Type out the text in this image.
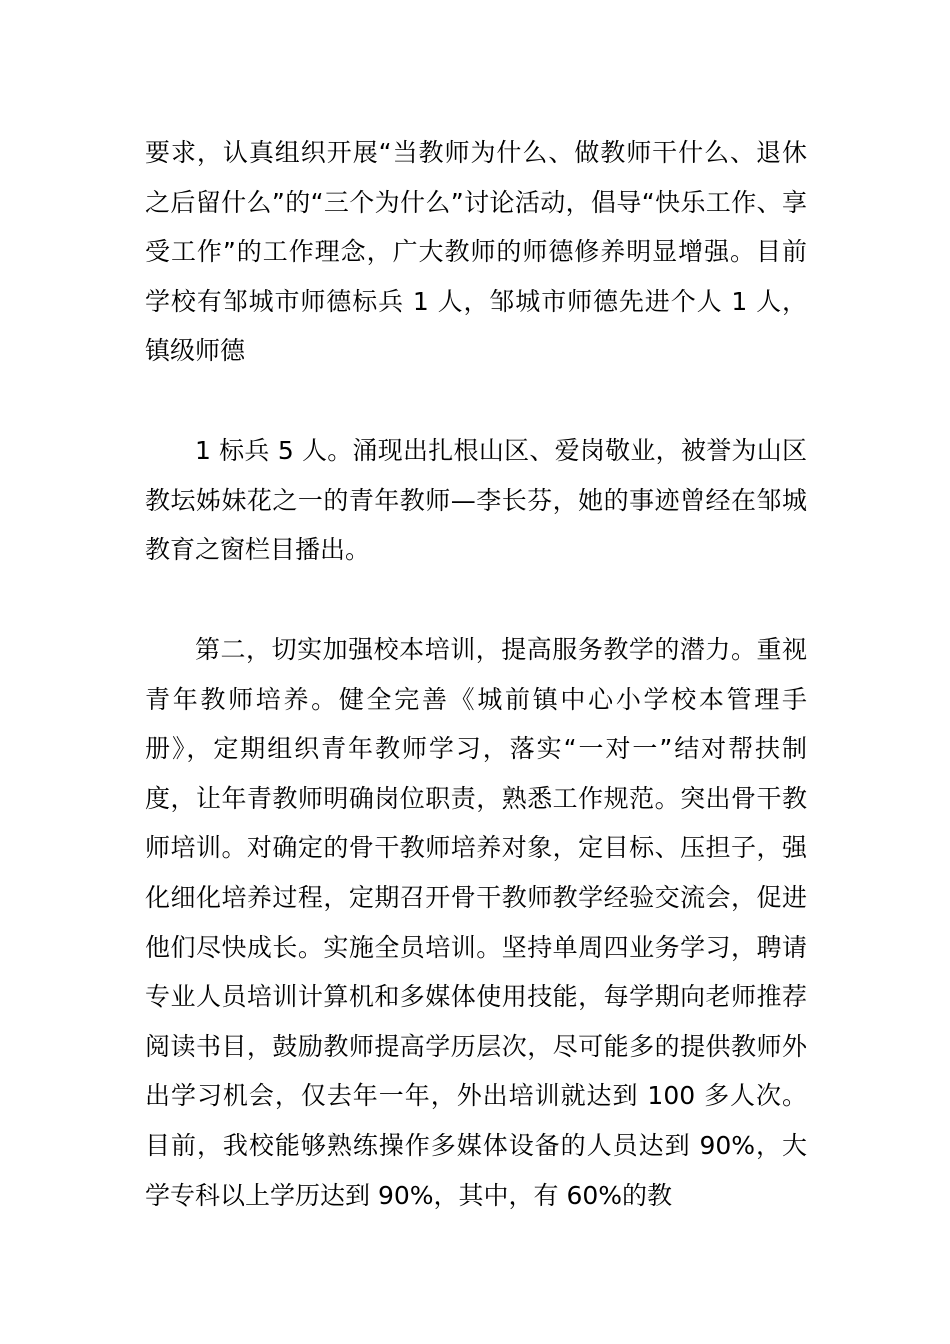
要求，认真组织开展“当教师为什么、做教师干什么、退休之后留什么”的“三个为什么”讨论活动，倡导“快乐工作、享受工作”的工作理念，广大教师的师德修养明显增强。目前学校有邹城市师德标兵 1 人，邹城市师德先进个人 1 人，镇级师德

1 标兵 5 人。涌现出扎根山区、爱岗敬业，被誉为山区教坛姊妹花之一的青年教师—李长芬，她的事迹曾经在邹城教育之窗栏目播出。

第二，切实加强校本培训，提高服务教学的潜力。重视青年教师培养。健全完善《城前镇中心小学校本管理手册》，定期组织青年教师学习，落实“一对一”结对帮扶制度，让年青教师明确岗位职责，熟悉工作规范。突出骨干教师培训。对确定的骨干教师培养对象，定目标、压担子，强化细化培养过程，定期召开骨干教师教学经验交流会，促进他们尽快成长。实施全员培训。坚持单周四业务学习，聘请专业人员培训计算机和多媒体使用技能，每学期向老师推荐阅读书目，鼓励教师提高学历层次，尽可能多的提供教师外出学习机会，仅去年一年，外出培训就达到 100 多人次。目前，我校能够熟练操作多媒体设备的人员达到 90%，大学专科以上学历达到 90%，其中，有 60%的教
